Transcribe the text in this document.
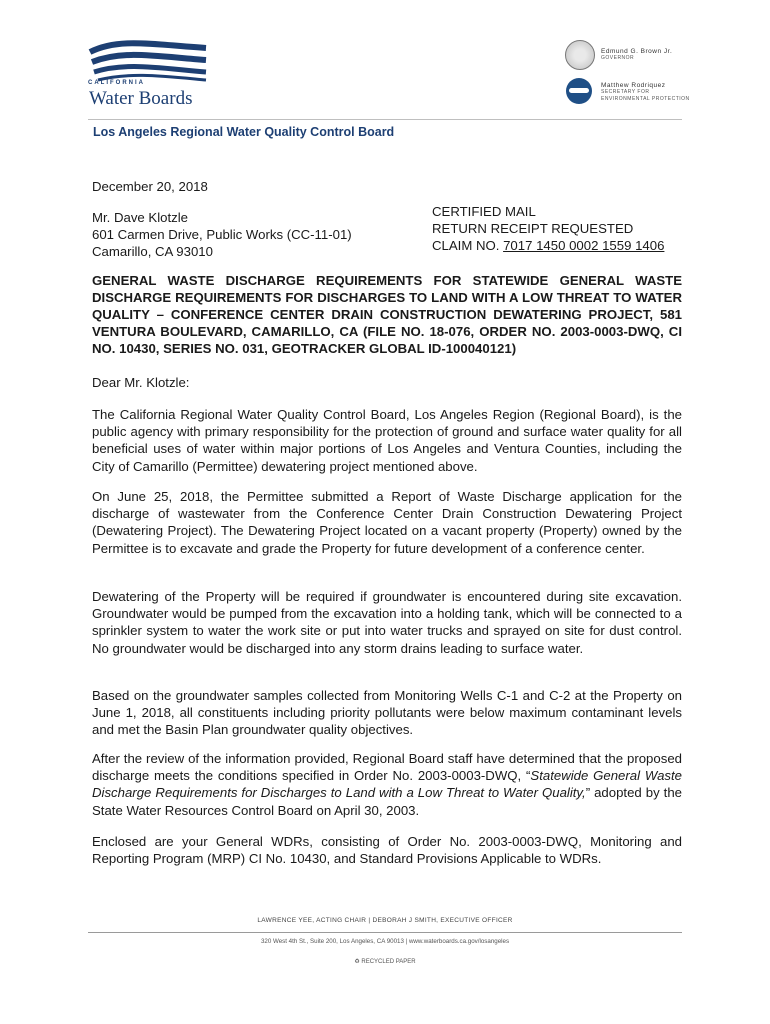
CALIFORNIA
Water Boards
Edmund G. Brown Jr.
GOVERNOR
Matthew Rodriquez
SECRETARY FOR
ENVIRONMENTAL PROTECTION
Los Angeles Regional Water Quality Control Board
December 20, 2018
Mr. Dave Klotzle
601 Carmen Drive, Public Works (CC-11-01)
Camarillo, CA 93010
CERTIFIED MAIL
RETURN RECEIPT REQUESTED
CLAIM NO. 7017 1450 0002 1559 1406
GENERAL WASTE DISCHARGE REQUIREMENTS FOR STATEWIDE GENERAL WASTE DISCHARGE REQUIREMENTS FOR DISCHARGES TO LAND WITH A LOW THREAT TO WATER QUALITY – CONFERENCE CENTER DRAIN CONSTRUCTION DEWATERING PROJECT, 581 VENTURA BOULEVARD, CAMARILLO, CA (FILE NO. 18-076, ORDER NO. 2003-0003-DWQ, CI NO. 10430, SERIES NO. 031, GEOTRACKER GLOBAL ID-100040121)
Dear Mr. Klotzle:
The California Regional Water Quality Control Board, Los Angeles Region (Regional Board), is the public agency with primary responsibility for the protection of ground and surface water quality for all beneficial uses of water within major portions of Los Angeles and Ventura Counties, including the City of Camarillo (Permittee) dewatering project mentioned above.
On June 25, 2018, the Permittee submitted a Report of Waste Discharge application for the discharge of wastewater from the Conference Center Drain Construction Dewatering Project (Dewatering Project). The Dewatering Project located on a vacant property (Property) owned by the Permittee is to excavate and grade the Property for future development of a conference center.
Dewatering of the Property will be required if groundwater is encountered during site excavation. Groundwater would be pumped from the excavation into a holding tank, which will be connected to a sprinkler system to water the work site or put into water trucks and sprayed on site for dust control. No groundwater would be discharged into any storm drains leading to surface water.
Based on the groundwater samples collected from Monitoring Wells C-1 and C-2 at the Property on June 1, 2018, all constituents including priority pollutants were below maximum contaminant levels and met the Basin Plan groundwater quality objectives.
After the review of the information provided, Regional Board staff have determined that the proposed discharge meets the conditions specified in Order No. 2003-0003-DWQ, “Statewide General Waste Discharge Requirements for Discharges to Land with a Low Threat to Water Quality,” adopted by the State Water Resources Control Board on April 30, 2003.
Enclosed are your General WDRs, consisting of Order No. 2003-0003-DWQ, Monitoring and Reporting Program (MRP) CI No. 10430, and Standard Provisions Applicable to WDRs.
LAWRENCE YEE, ACTING CHAIR | DEBORAH J SMITH, EXECUTIVE OFFICER
320 West 4th St., Suite 200, Los Angeles, CA 90013 | www.waterboards.ca.gov/losangeles
♻ RECYCLED PAPER
